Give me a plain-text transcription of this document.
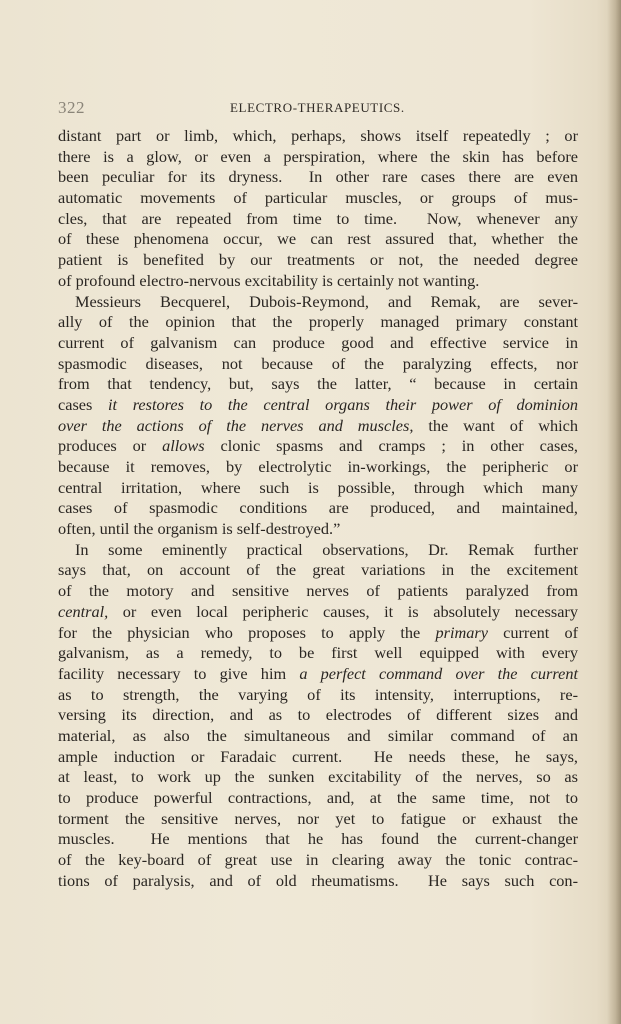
322	ELECTRO-THERAPEUTICS.
distant part or limb, which, perhaps, shows itself repeatedly ; or
there is a glow, or even a perspiration, where the skin has before
been peculiar for its dryness.  In other rare cases there are even
automatic movements of particular muscles, or groups of mus-
cles, that are repeated from time to time.  Now, whenever any
of these phenomena occur, we can rest assured that, whether the
patient is benefited by our treatments or not, the needed degree
of profound electro-nervous excitability is certainly not wanting.
Messieurs Becquerel, Dubois-Reymond, and Remak, are sever-
ally of the opinion that the properly managed primary constant
current of galvanism can produce good and effective service in
spasmodic diseases, not because of the paralyzing effects, nor
from that tendency, but, says the latter, “ because in certain
cases it restores to the central organs their power of dominion
over the actions of the nerves and muscles, the want of which
produces or allows clonic spasms and cramps ; in other cases,
because it removes, by electrolytic in-workings, the peripheric or
central irritation, where such is possible, through which many
cases of spasmodic conditions are produced, and maintained,
often, until the organism is self-destroyed.”
In some eminently practical observations, Dr. Remak further
says that, on account of the great variations in the excitement
of the motory and sensitive nerves of patients paralyzed from
central, or even local peripheric causes, it is absolutely necessary
for the physician who proposes to apply the primary current of
galvanism, as a remedy, to be first well equipped with every
facility necessary to give him a perfect command over the current
as to strength, the varying of its intensity, interruptions, re-
versing its direction, and as to electrodes of different sizes and
material, as also the simultaneous and similar command of an
ample induction or Faradaic current.  He needs these, he says,
at least, to work up the sunken excitability of the nerves, so as
to produce powerful contractions, and, at the same time, not to
torment the sensitive nerves, nor yet to fatigue or exhaust the
muscles.  He mentions that he has found the current-changer
of the key-board of great use in clearing away the tonic contrac-
tions of paralysis, and of old rheumatisms.  He says such con-
